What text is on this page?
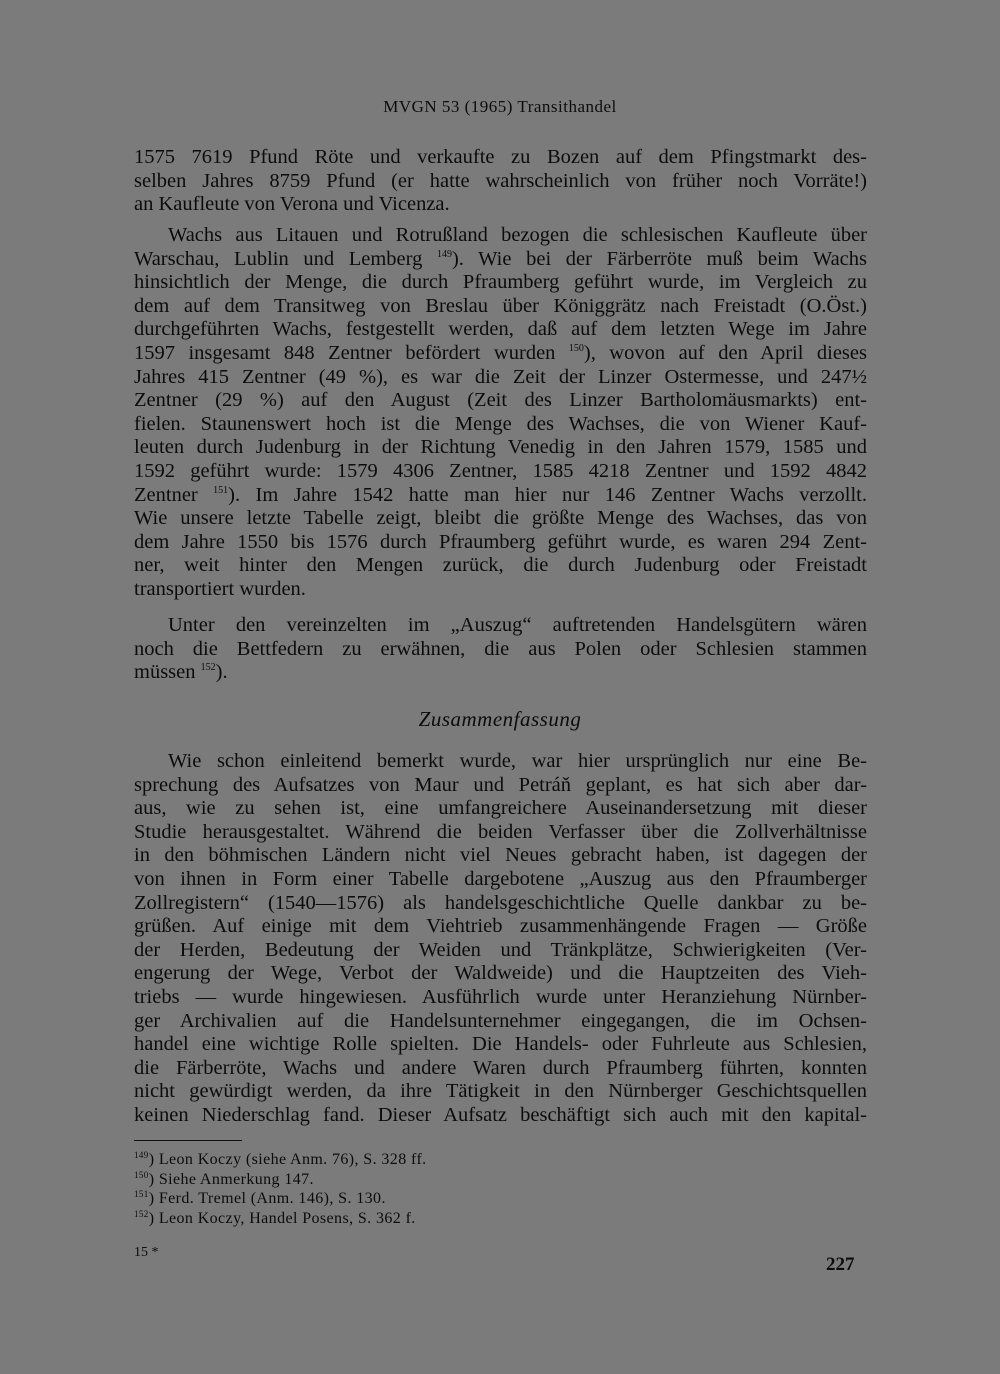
MVGN 53 (1965) Transithandel
1575 7619 Pfund Röte und verkaufte zu Bozen auf dem Pfingstmarkt des-
selben Jahres 8759 Pfund (er hatte wahrscheinlich von früher noch Vorräte!)
an Kaufleute von Verona und Vicenza.
Wachs aus Litauen und Rotrußland bezogen die schlesischen Kaufleute über
Warschau, Lublin und Lemberg $^{149}$). Wie bei der Färberröte muß beim Wachs
hinsichtlich der Menge, die durch Pfraumberg geführt wurde, im Vergleich zu
dem auf dem Transitweg von Breslau über Königgrätz nach Freistadt (O.Öst.)
durchgeführten Wachs, festgestellt werden, daß auf dem letzten Wege im Jahre
1597 insgesamt 848 Zentner befördert wurden $^{150}$), wovon auf den April dieses
Jahres 415 Zentner (49 %), es war die Zeit der Linzer Ostermesse, und 247½
Zentner (29 %) auf den August (Zeit des Linzer Bartholomäusmarkts) ent-
fielen. Staunenswert hoch ist die Menge des Wachses, die von Wiener Kauf-
leuten durch Judenburg in der Richtung Venedig in den Jahren 1579, 1585 und
1592 geführt wurde: 1579 4306 Zentner, 1585 4218 Zentner und 1592 4842
Zentner $^{151}$). Im Jahre 1542 hatte man hier nur 146 Zentner Wachs verzollt.
Wie unsere letzte Tabelle zeigt, bleibt die größte Menge des Wachses, das von
dem Jahre 1550 bis 1576 durch Pfraumberg geführt wurde, es waren 294 Zent-
ner, weit hinter den Mengen zurück, die durch Judenburg oder Freistadt
transportiert wurden.
Unter den vereinzelten im „Auszug“ auftretenden Handelsgütern wären
noch die Bettfedern zu erwähnen, die aus Polen oder Schlesien stammen
müssen $^{152}$).
Zusammenfassung
Wie schon einleitend bemerkt wurde, war hier ursprünglich nur eine Be-
sprechung des Aufsatzes von Maur und Petráň geplant, es hat sich aber dar-
aus, wie zu sehen ist, eine umfangreichere Auseinandersetzung mit dieser
Studie herausgestaltet. Während die beiden Verfasser über die Zollverhältnisse
in den böhmischen Ländern nicht viel Neues gebracht haben, ist dagegen der
von ihnen in Form einer Tabelle dargebotene „Auszug aus den Pfraumberger
Zollregistern“ (1540—1576) als handelsgeschichtliche Quelle dankbar zu be-
grüßen. Auf einige mit dem Viehtrieb zusammenhängende Fragen — Größe
der Herden, Bedeutung der Weiden und Tränkplätze, Schwierigkeiten (Ver-
engerung der Wege, Verbot der Waldweide) und die Hauptzeiten des Vieh-
triebs — wurde hingewiesen. Ausführlich wurde unter Heranziehung Nürnber-
ger Archivalien auf die Handelsunternehmer eingegangen, die im Ochsen-
handel eine wichtige Rolle spielten. Die Handels- oder Fuhrleute aus Schlesien,
die Färberröte, Wachs und andere Waren durch Pfraumberg führten, konnten
nicht gewürdigt werden, da ihre Tätigkeit in den Nürnberger Geschichtsquellen
keinen Niederschlag fand. Dieser Aufsatz beschäftigt sich auch mit den kapital-
$^{149}$) Leon Koczy (siehe Anm. 76), S. 328 ff.
$^{150}$) Siehe Anmerkung 147.
$^{151}$) Ferd. Tremel (Anm. 146), S. 130.
$^{152}$) Leon Koczy, Handel Posens, S. 362 f.
15 *
227
